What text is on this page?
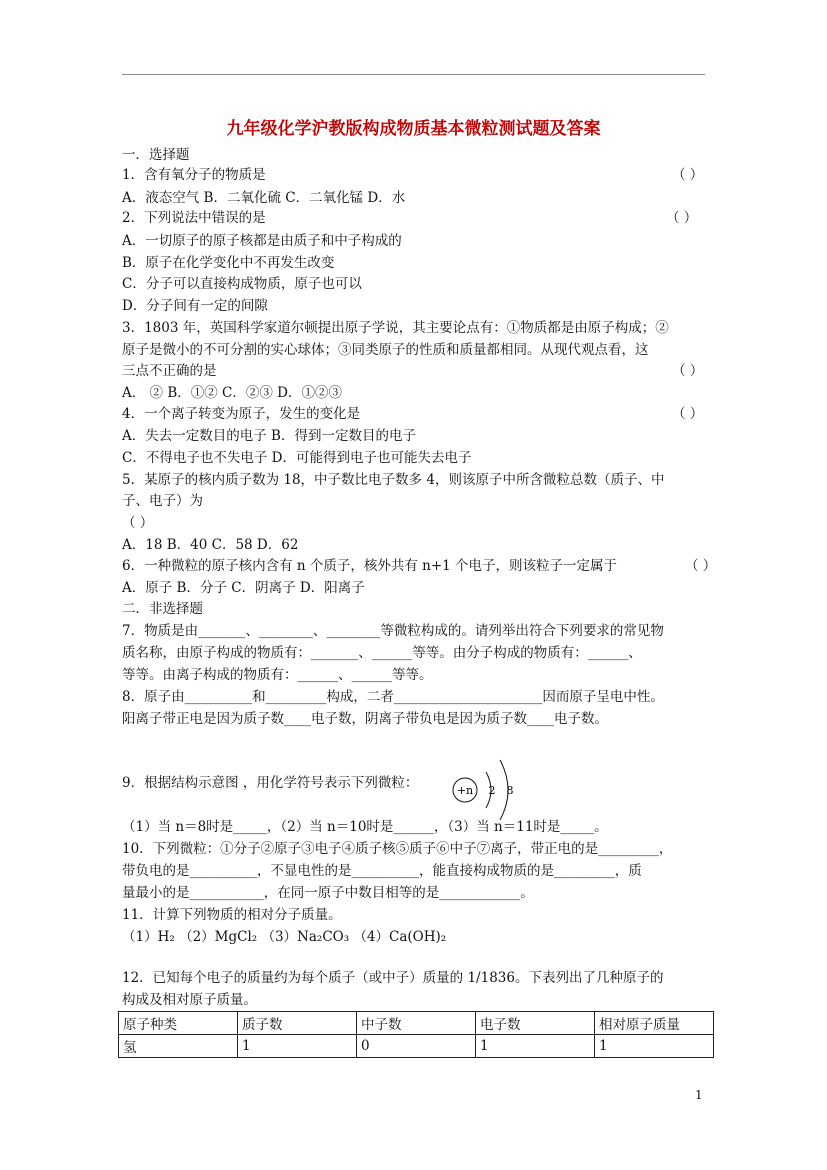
九年级化学沪教版构成物质基本微粒测试题及答案
一．选择题
1．含有氧分子的物质是	（ ）
A．液态空气 B．二氧化硫 C．二氧化锰 D．水
2．下列说法中错误的是	（ ）
A．一切原子的原子核都是由质子和中子构成的
B．原子在化学变化中不再发生改变
C．分子可以直接构成物质，原子也可以
D．分子间有一定的间隙
3．1803 年，英国科学家道尔顿提出原子学说，其主要论点有：①物质都是由原子构成；②
原子是微小的不可分割的实心球体；③同类原子的性质和质量都相同。从现代观点看，这
三点不正确的是	（ ）
A． ② B．①② C．②③ D．①②③
4．一个离子转变为原子，发生的变化是	（ ）
A．失去一定数目的电子 B．得到一定数目的电子
C．不得电子也不失电子 D．可能得到电子也可能失去电子
5．某原子的核内质子数为 18，中子数比电子数多 4，则该原子中所含微粒总数（质子、中
子、电子）为
（ ）
A．18 B．40 C．58 D．62
6．一种微粒的原子核内含有 n 个质子，核外共有 n+1 个电子，则该粒子一定属于	（ ）
A．原子 B．分子 C．阴离子 D．阳离子
二．非选择题
7．物质是由_______、________、________等微粒构成的。请列举出符合下列要求的常见物
质名称，由原子构成的物质有：_______、______等等。由分子构成的物质有：______、
等等。由离子构成的物质有：______、______等等。
8．原子由__________和_________构成，二者______________________因而原子呈电中性。
阳离子带正电是因为质子数____电子数，阴离子带负电是因为质子数____电子数。
9．根据结构示意图 ，用化学符号表示下列微粒：	+n 2 8
（1）当 n＝8时是_____，（2）当 n＝10时是______，（3）当 n＝11时是_____。
10．下列微粒：①分子②原子③电子④质子核⑤质子⑥中子⑦离子，带正电的是_________，
带负电的是__________，不显电性的是__________，能直接构成物质的是_________，质
量最小的是___________，在同一原子中数目相等的是____________。
11．计算下列物质的相对分子质量。
（1）H₂ （2）MgCl₂ （3）Na₂CO₃ （4）Ca(OH)₂
12．已知每个电子的质量约为每个质子（或中子）质量的 1/1836。下表列出了几种原子的
构成及相对原子质量。
原子种类	质子数	中子数	电子数	相对原子质量
氢	1	0	1	1
1
